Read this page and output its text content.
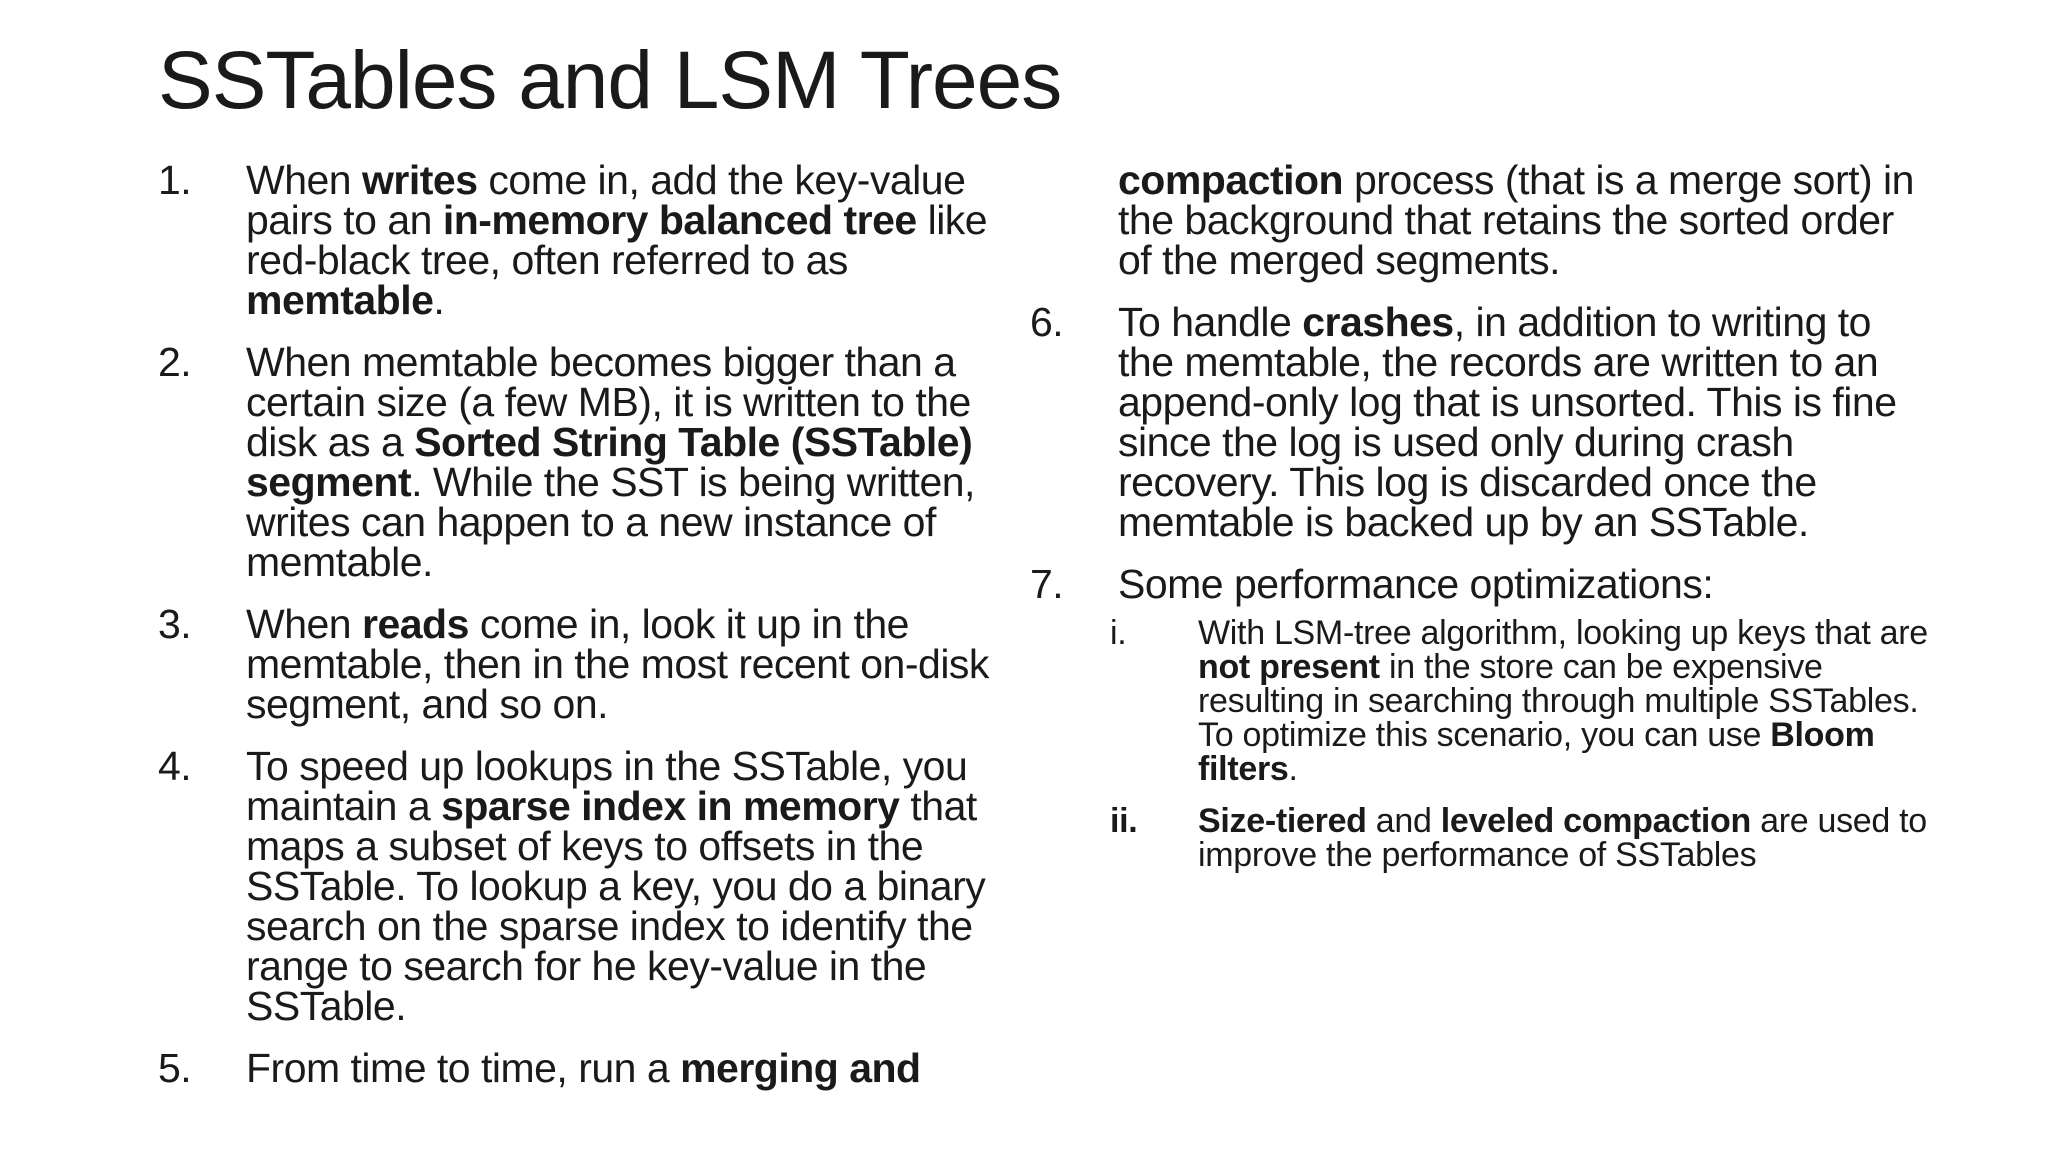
SSTables and LSM Trees
1. When writes come in, add the key-value pairs to an in-memory balanced tree like red-black tree, often referred to as memtable.
2. When memtable becomes bigger than a certain size (a few MB), it is written to the disk as a Sorted String Table (SSTable) segment. While the SST is being written, writes can happen to a new instance of memtable.
3. When reads come in, look it up in the memtable, then in the most recent on-disk segment, and so on.
4. To speed up lookups in the SSTable, you maintain a sparse index in memory that maps a subset of keys to offsets in the SSTable. To lookup a key, you do a binary search on the sparse index to identify the range to search for he key-value in the SSTable.
5. From time to time, run a merging and
compaction process (that is a merge sort) in the background that retains the sorted order of the merged segments.
6. To handle crashes, in addition to writing to the memtable, the records are written to an append-only log that is unsorted. This is fine since the log is used only during crash recovery. This log is discarded once the memtable is backed up by an SSTable.
7. Some performance optimizations:
i. With LSM-tree algorithm, looking up keys that are not present in the store can be expensive resulting in searching through multiple SSTables. To optimize this scenario, you can use Bloom filters.
ii. Size-tiered and leveled compaction are used to improve the performance of SSTables
